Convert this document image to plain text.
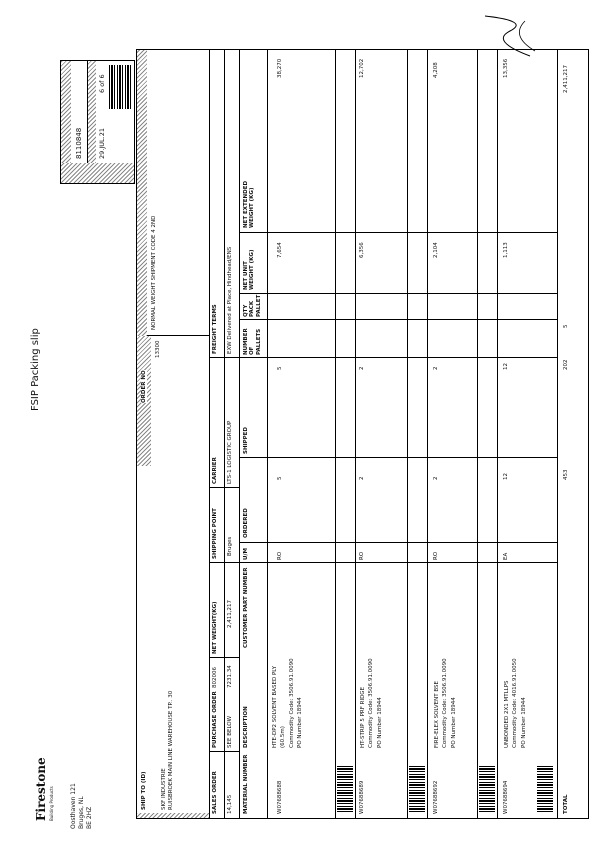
Firestone Building Products	Oosthaven 121 Bruges, NL BE 2HZ
FSIP Packing slip
8110848 29.JUL.21
6 of 6
SHIP TO (ID)	SKF INDUSTRIE RUISBROEK MAIN LINE WAREHOUSE TP.. 30
ORDER NO
13300
NORMAL WEIGHT SHIPMENT CODE 4 2ND
SALES ORDER
PURCHASE ORDER
802006
NET WEIGHT(KG)
SHIPPING POINT
CARRIER
FREIGHT TERMS
14,145
SEE BELOW
7231.34
2,411,217
Bruges
LTS-1 LOGISTIC GROUP
EXW Delivered at Place, Hindhead/ENS
MATERIAL NUMBER
DESCRIPTION
CUSTOMER PART NUMBER
U/M
ORDERED
SHIPPED
NUMBER OF PALLETS
QTY PACK PALLET
NET UNIT WEIGHT (KG)
NET EXTENDED WEIGHT (KG)
W07688688
HTE-DP2 SOLVENT BASED PLY (60.5m) Commodity Code: 3506.91.0090 PO Number 18944
RO
5
5
7,654
38,270
W07688689
HT-STRIP 5 PRF RIDGE Commodity Code: 3506.91.0090 PO Number 18944
RO
2
2
6,356
12,702
W07688692
FIRE-ELEX SOLVENT BSE Commodity Code: 3506.91.0090 PO Number 18944
RO
2
2
2,104
4,208
W07688694
UNBONDED 2X1 MTLLPS Commodity Code: 4016.91.0050 PO Number 18944
EA
12
12
1,113
13,356
TOTAL
453
202
5
2,411,217
